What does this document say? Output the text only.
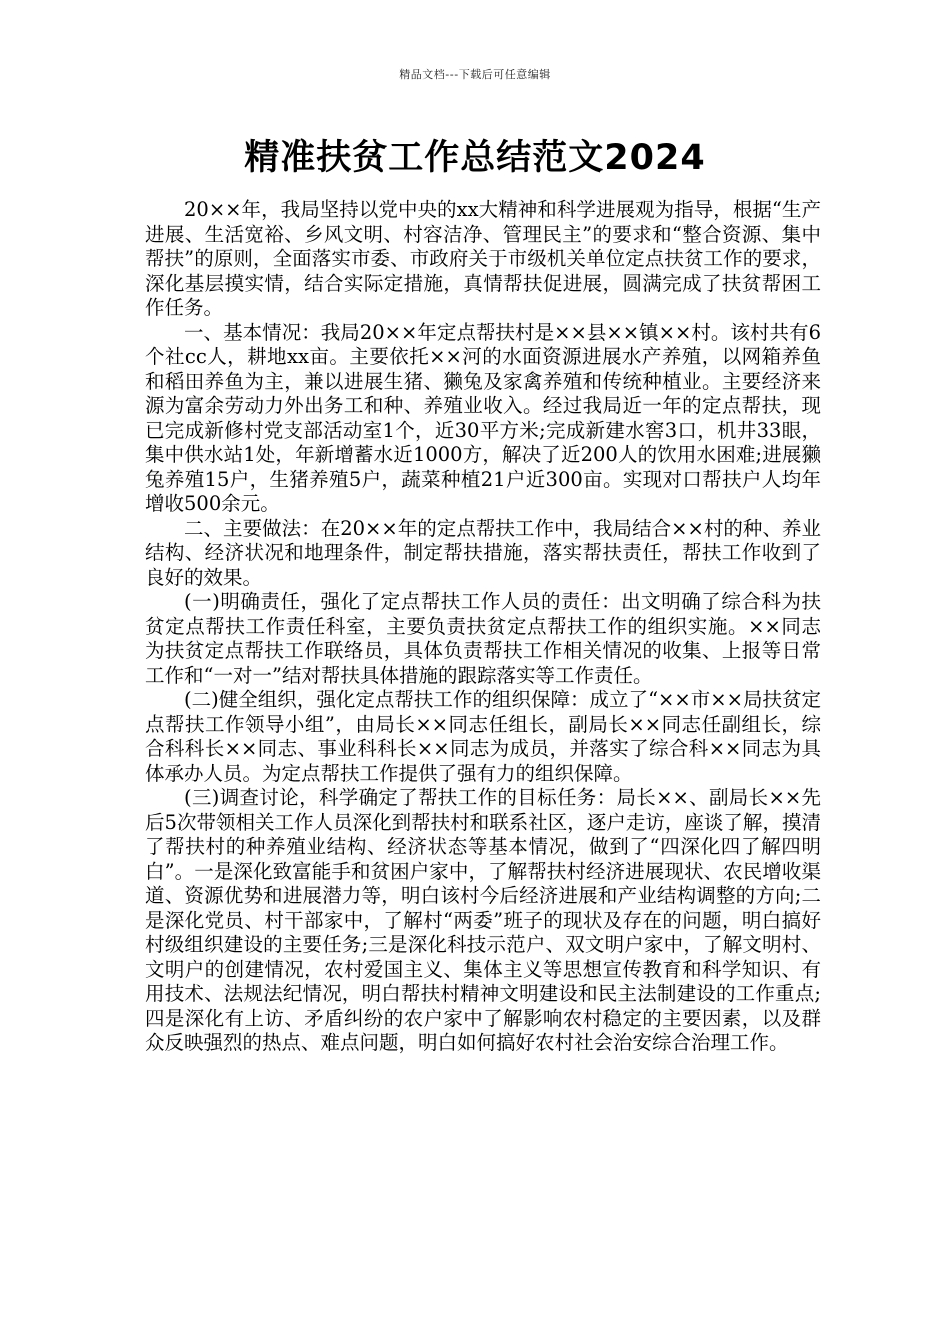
精品文档---下载后可任意编辑
精准扶贫工作总结范文2024

20××年，我局坚持以党中央的xx大精神和科学进展观为指导，根据“生产进展、生活宽裕、乡风文明、村容洁净、管理民主”的要求和“整合资源、集中帮扶”的原则，全面落实市委、市政府关于市级机关单位定点扶贫工作的要求，深化基层摸实情，结合实际定措施，真情帮扶促进展，圆满完成了扶贫帮困工作任务。

一、基本情况：我局20××年定点帮扶村是××县××镇××村。该村共有6个社cc人，耕地xx亩。主要依托××河的水面资源进展水产养殖，以网箱养鱼和稻田养鱼为主，兼以进展生猪、獭兔及家禽养殖和传统种植业。主要经济来源为富余劳动力外出务工和种、养殖业收入。经过我局近一年的定点帮扶，现已完成新修村党支部活动室1个，近30平方米;完成新建水窖3口，机井33眼，集中供水站1处，年新增蓄水近1000方，解决了近200人的饮用水困难;进展獭兔养殖15户，生猪养殖5户，蔬菜种植21户近300亩。实现对口帮扶户人均年增收500余元。

二、主要做法：在20××年的定点帮扶工作中，我局结合××村的种、养业结构、经济状况和地理条件，制定帮扶措施，落实帮扶责任，帮扶工作收到了良好的效果。

(一)明确责任，强化了定点帮扶工作人员的责任：出文明确了综合科为扶贫定点帮扶工作责任科室，主要负责扶贫定点帮扶工作的组织实施。××同志为扶贫定点帮扶工作联络员，具体负责帮扶工作相关情况的收集、上报等日常工作和“一对一”结对帮扶具体措施的跟踪落实等工作责任。

(二)健全组织，强化定点帮扶工作的组织保障：成立了“××市××局扶贫定点帮扶工作领导小组”，由局长××同志任组长，副局长××同志任副组长，综合科科长××同志、事业科科长××同志为成员，并落实了综合科××同志为具体承办人员。为定点帮扶工作提供了强有力的组织保障。

(三)调查讨论，科学确定了帮扶工作的目标任务：局长××、副局长××先后5次带领相关工作人员深化到帮扶村和联系社区，逐户走访，座谈了解，摸清了帮扶村的种养殖业结构、经济状态等基本情况，做到了“四深化四了解四明白”。一是深化致富能手和贫困户家中，了解帮扶村经济进展现状、农民增收渠道、资源优势和进展潜力等，明白该村今后经济进展和产业结构调整的方向;二是深化党员、村干部家中，了解村“两委”班子的现状及存在的问题，明白搞好村级组织建设的主要任务;三是深化科技示范户、双文明户家中，了解文明村、文明户的创建情况，农村爱国主义、集体主义等思想宣传教育和科学知识、有用技术、法规法纪情况，明白帮扶村精神文明建设和民主法制建设的工作重点;四是深化有上访、矛盾纠纷的农户家中了解影响农村稳定的主要因素，以及群众反映强烈的热点、难点问题，明白如何搞好农村社会治安综合治理工作。
